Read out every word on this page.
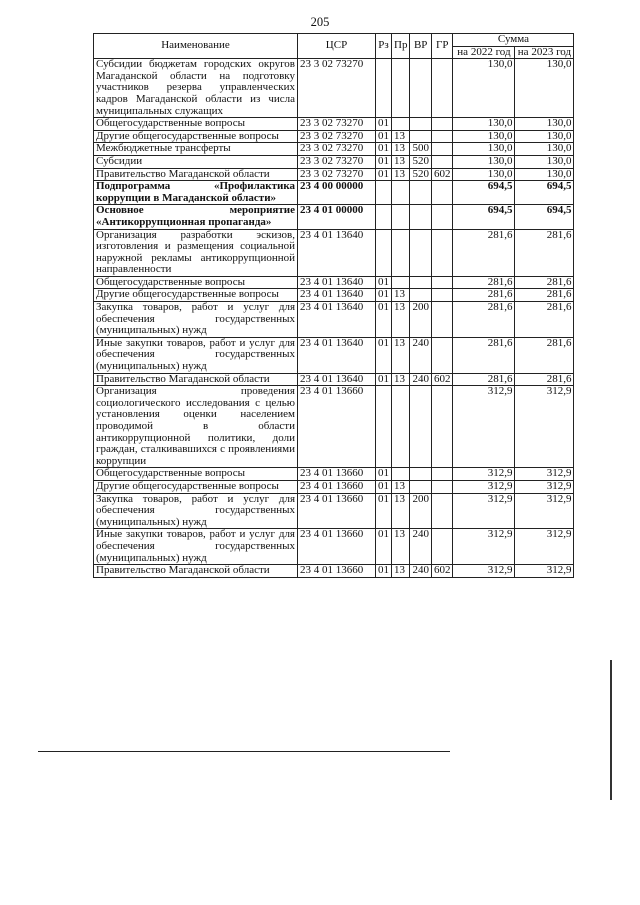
205
Наименование	ЦСР	Рз	Пр	ВР	ГР	Сумма	
						на 2022 год	на 2023 год
Субсидии бюджетам городских округов Магаданской области на подготовку участников резерва управленческих кадров Магаданской области из числа муниципальных служащих	23 3 02 73270					130,0	130,0
Общегосударственные вопросы	23 3 02 73270	01				130,0	130,0
Другие общегосударственные вопросы	23 3 02 73270	01	13			130,0	130,0
Межбюджетные трансферты	23 3 02 73270	01	13	500		130,0	130,0
Субсидии	23 3 02 73270	01	13	520		130,0	130,0
Правительство Магаданской области	23 3 02 73270	01	13	520	602	130,0	130,0
Подпрограмма «Профилактика коррупции в Магаданской области»	23 4 00 00000					694,5	694,5
Основное мероприятие «Антикоррупционная пропаганда»	23 4 01 00000					694,5	694,5
Организация разработки эскизов, изготовления и размещения социальной наружной рекламы антикоррупционной направленности	23 4 01 13640					281,6	281,6
Общегосударственные вопросы	23 4 01 13640	01				281,6	281,6
Другие общегосударственные вопросы	23 4 01 13640	01	13			281,6	281,6
Закупка товаров, работ и услуг для обеспечения государственных (муниципальных) нужд	23 4 01 13640	01	13	200		281,6	281,6
Иные закупки товаров, работ и услуг для обеспечения государственных (муниципальных) нужд	23 4 01 13640	01	13	240		281,6	281,6
Правительство Магаданской области	23 4 01 13640	01	13	240	602	281,6	281,6
Организация проведения социологического исследования с целью установления оценки населением проводимой в области антикоррупционной политики, доли граждан, сталкивавшихся с проявлениями коррупции	23 4 01 13660					312,9	312,9
Общегосударственные вопросы	23 4 01 13660	01				312,9	312,9
Другие общегосударственные вопросы	23 4 01 13660	01	13			312,9	312,9
Закупка товаров, работ и услуг для обеспечения государственных (муниципальных) нужд	23 4 01 13660	01	13	200		312,9	312,9
Иные закупки товаров, работ и услуг для обеспечения государственных (муниципальных) нужд	23 4 01 13660	01	13	240		312,9	312,9
Правительство Магаданской области	23 4 01 13660	01	13	240	602	312,9	312,9
